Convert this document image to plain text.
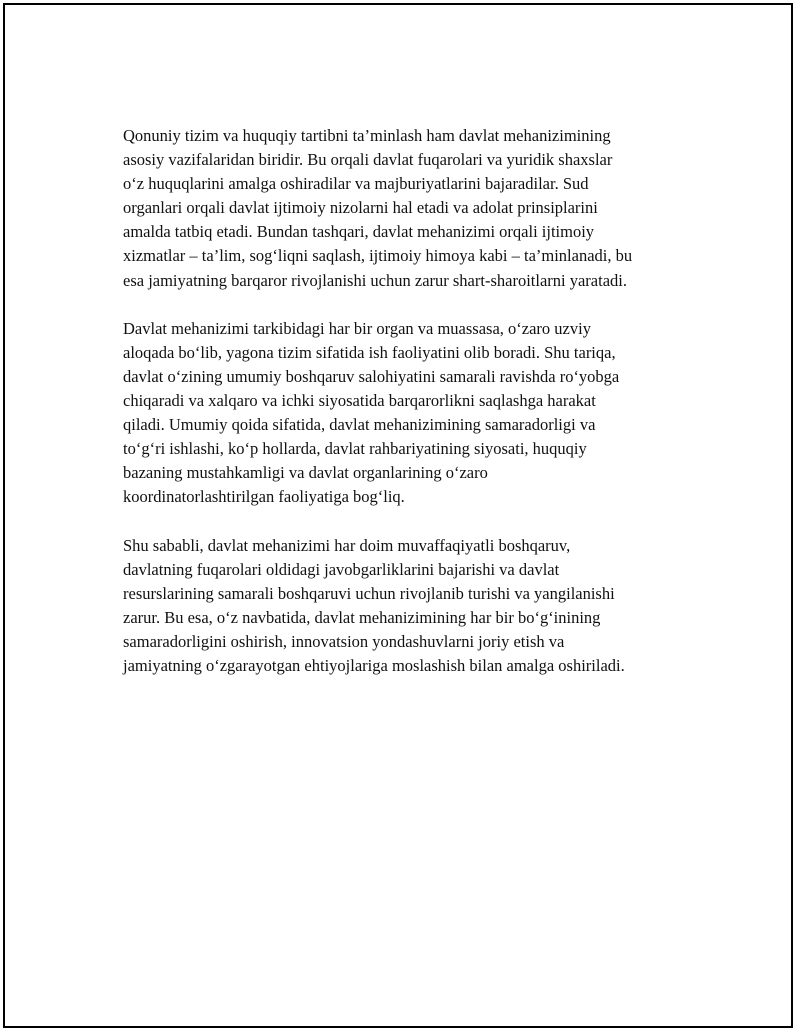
Qonuniy tizim va huquqiy tartibni ta’minlash ham davlat mehanizimining
asosiy vazifalaridan biridir. Bu orqali davlat fuqarolari va yuridik shaxslar
o‘z huquqlarini amalga oshiradilar va majburiyatlarini bajaradilar. Sud
organlari orqali davlat ijtimoiy nizolarni hal etadi va adolat prinsiplarini
amalda tatbiq etadi. Bundan tashqari, davlat mehanizimi orqali ijtimoiy
xizmatlar – ta’lim, sog‘liqni saqlash, ijtimoiy himoya kabi – ta’minlanadi, bu
esa jamiyatning barqaror rivojlanishi uchun zarur shart-sharoitlarni yaratadi.

Davlat mehanizimi tarkibidagi har bir organ va muassasa, o‘zaro uzviy
aloqada bo‘lib, yagona tizim sifatida ish faoliyatini olib boradi. Shu tariqa,
davlat o‘zining umumiy boshqaruv salohiyatini samarali ravishda ro‘yobga
chiqaradi va xalqaro va ichki siyosatida barqarorlikni saqlashga harakat
qiladi. Umumiy qoida sifatida, davlat mehanizimining samaradorligi va
to‘g‘ri ishlashi, ko‘p hollarda, davlat rahbariyatining siyosati, huquqiy
bazaning mustahkamligi va davlat organlarining o‘zaro
koordinatorlashtirilgan faoliyatiga bog‘liq.

Shu sababli, davlat mehanizimi har doim muvaffaqiyatli boshqaruv,
davlatning fuqarolari oldidagi javobgarliklarini bajarishi va davlat
resurslarining samarali boshqaruvi uchun rivojlanib turishi va yangilanishi
zarur. Bu esa, o‘z navbatida, davlat mehanizimining har bir bo‘g‘inining
samaradorligini oshirish, innovatsion yondashuvlarni joriy etish va
jamiyatning o‘zgarayotgan ehtiyojlariga moslashish bilan amalga oshiriladi.
